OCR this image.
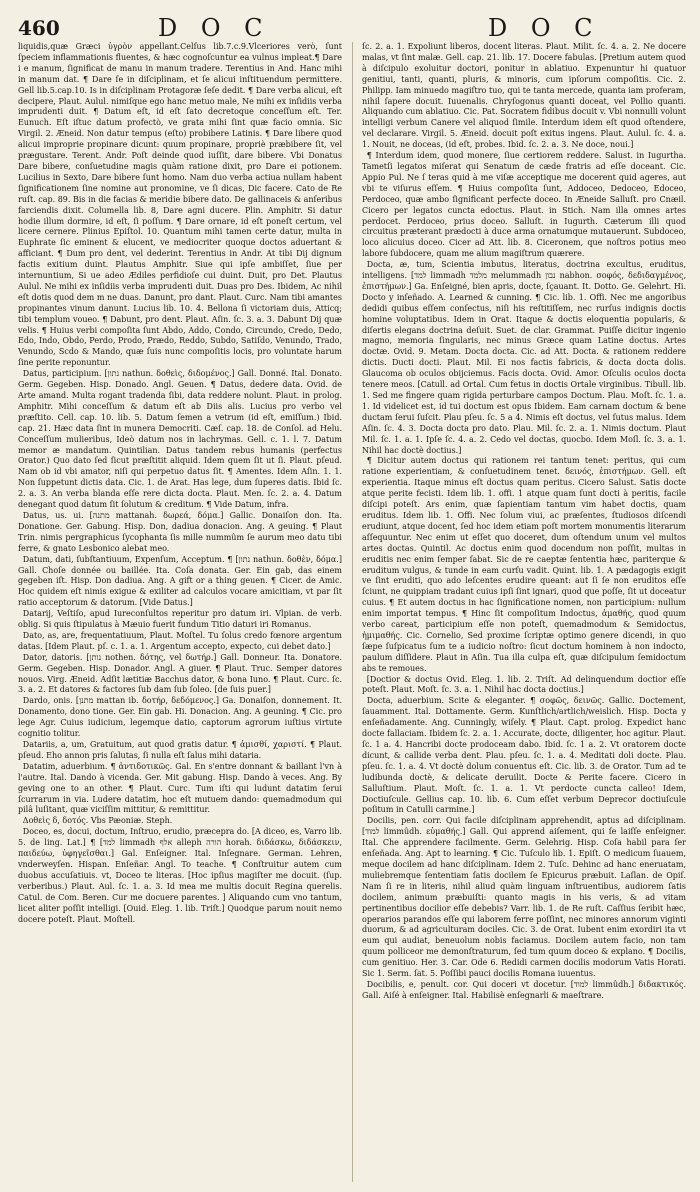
460	D O C	D O C

liquidis,quæ Græci ὑγρὸν appellant.Celſus lib.7.c.9.Vlceriores verò, ſunt ſpeciem inflammationis fluentes, & hæc cognoſcuntur ea vulnus impleat.¶ Dare i e manum, ſignificat de manu in manum tradere. Terentius in And. Hanc mihi in manum dat. ¶ Dare ſe in diſciplinam, et ſe alicui inſtituendum permittere. Gell lib.5.cap.10. Is in diſciplinam Protagoræ ſeſe dedit. ¶ Dare verba alicui, eſt decipere, Plaut. Aulul. nimiſque ego hanc metuo male, Ne mihi ex inſidiis verba imprudenti duit. ¶ Datum eſt, id eſt ſato decretoque conceſſum eſt. Ter. Eunuch. Eſt iſtuc datum profectò, ve grata mihi ſint quæ facio omnia. Sic Virgil. 2. Æneid. Non datur tempus (eſto) probibere Latinis. ¶ Dare libere quod alicui improprie propinare dicunt: quum propinare, propriè præbibere ſit, vel prægustare. Terent. Andr. Poſt deinde quod iuſſit, dare bibere. Vbi Donatus Dare bibere, conſuetudine magis quàm ratione dixit, pro Dare ei potionem. Lucilius in Sexto, Dare bibere ſunt homo. Nam duo verba actiua nullam habent ſignificationem ſine nomine aut pronomine, ve ſi dicas, Dic facere. Cato de Re ruſt. cap. 89. Bis in die facias & meridie bibere dato. De gallinaceis & anſeribus farciendis dixit. Columella lib. 8, Dare agni ducere. Plin. Amphitr. Si datur hodie illum dormire, id eſt, ſi poſſum. ¶ Dare ornare, id eſt poneſt certum, vel licere cernere. Plinius Epiſtol. 10. Quantum mihi tamen certe datur, multa in Euphrate ſic eminent & elucent, ve mediocriter quoque doctos aduertant & afficiant. ¶ Dum pro dent, vel dederint. Terentius in Andr. At tibi Dij dignum factis exitium duint. Plautus Amphitr. Siue qui ipſe ambiſſet, ſiue per internuntium, Si ue adeo Ædiles perfidioſe cui duint. Duit, pro Det. Plautus Aulul. Ne mihi ex inſidiis verba imprudenti duit. Duas pro Des. Ibidem, Ac nihil eſt dotis quod dem m ne duas. Danunt, pro dant. Plaut. Curc. Nam tibi amantes propinantes vinum danunt. Lucius lib. 10. 4. Bellona ſi victoriam duis, Atticq; tibi templum voueo. ¶ Dabunt, pro dent. Plaut. Aſin. ſc. 3. a. 3. Dabunt Dij quæ velis. ¶ Huius verbi compoſita ſunt Abdo, Addo, Condo, Circundo, Credo, Dedo, Edo, Indo, Obdo, Perdo, Prodo, Prædo, Reddo, Subdo, Satiſdo, Venundo, Trado, Venundo, Scdo & Mando, quæ ſuis nunc compoſitis locis, pro voluntate harum ſine perite reponuntur.

Datus, participium. [נתון nathun. δοθεὶς, διδομένος.] Gall. Donné. Ital. Donato. Germ. Gegeben. Hisp. Donado. Angl. Geuen. ¶ Datus, dedere data. Ovid. de Arte amand. Multa rogant tradenda ſibi, data reddere nolunt. Plaut. in prolog. Amphitr. Mihi conceſſum & datum eſt ab Diis alis. Lucius pro verbo vel præſtito. Cell. cap. 10. lib. 5. Datum ſemen a vetrum (id eſt, emiſſum.) Ibid. cap. 21. Hæc data ſint in munera Democriti. Cæſ. cap. 18. de Conſol. ad Helu. Conceſſum mulieribus, Ideò datum nos in lachrymas. Gell. c. 1. l. 7. Datum memor æ mandatum. Quintilian. Datus tandem rebus humanis (perfectus Orator.) Quo dato ſed ſicut præſtitit aliquid. Idem quem ſit ut ſi. Plaut. pſeud. Nam ob id vbi amator, niſi qui perpetuo datus ſit. ¶ Amentes. Idem Aſin. 1. 1. Non ſuppetunt dictis data. Cic. 1. de Arat. Has lege, dum ſuperes datis. Ibid ſc. 2. a. 3. An verba blanda eſſe rere dicta docta. Plaut. Men. ſc. 2. a. 4. Datum denegant quod datum ſit ſolutum & creditum. ¶ Vide Datum, infra.

Datus, us. ui. [מתנה mattanah. δωρεά, δόμα.] Gallic. Donaiſon don. Ita. Donatione. Ger. Gabung. Hisp. Don, dadiua donacion. Ang. A geuing. ¶ Plaut Trin. nimis pergraphicus ſycophanta ſis mille nummûm ſe aurum meo datu tibi ferre, & gnato Lesbonico alebat meo.

Datum, dati, ſubſtantiuum, Expenſum, Acceptum. ¶ [נתון nathun. δοθὲν, δόμα.] Gall. Choſe donnée ou baillée. Ita. Coſa donata. Ger. Ein gab, das einem gegeben iſt. Hisp. Don dadiua. Ang. A gift or a thing geuen. ¶ Cicer. de Amic. Hoc quidem eſt nimis exigue & exiliter ad calculos vocare amicitiam, vt par ſit ratio acceptorum & datorum. [Vide Datus.]

Datarij, Veſtiſo, apud Iureconſultos reperitur pro datum iri. Vlpian. de verb. oblig. Si quis ſtipulatus à Mæuio fuerit fundum Titio daturi iri Romanus.

Dato, as, are, frequentatiuum, Plaut. Moſtel. Tu ſolus credo fœnore argentum datas. [Idem Plaut. pſ. c. 1. a. 1. Argentum accepto, expecto, cui debet dato.]

Dator, datoris. [נותן nothen. δότης, vel δωτήρ.] Gall. Donneur. Ita. Donatore. Germ. Gegeben. Hisp. Donador. Angl. A giuer. ¶ Plaut. Truc. Semper datores nouos. Virg. Æneid. Adſit lætitiæ Bacchus dator, & bona Iuno. ¶ Plaut. Curc. ſc. 3. a. 2. Et datores & factores ſub dam ſub ſoleo. [de ſuis puer.]

Dardo, onis. [מתנן mattan ib. δοτήρ, δεδόμενος.] Ga. Donaiſon, donnement. It. Donamento, dono tione. Ger. Ein gab. Hi. Donacion. Ang. A geuning. ¶ Cic. pro lege Agr. Cuius iudicium, legemque datio, captorum agrorum iuſtius virtute cognitio tolitur.

Datariis, a, um, Gratuitum, aut quod gratis datur. ¶ ἀμισθί, χαριστί. ¶ Plaut. pſeud. Eho annon pris ſalutas, ſi nulla eſt ſalus mihi dataria.

Datatim, aduerbium. ¶ ἀντιδοτικῶς. Gal. En s'entre donnant & baillant l'vn à l'autre. Ital. Dando à vicenda. Ger. Mit gabung. Hisp. Dando à veces. Ang. By geving one to an other. ¶ Plaut. Curc. Tum iſti qui ludunt datatim ſerui ſcurrarum in via. Ludere datatim, hoc eſt mutuem dando: quemadmodum qui pilâ luſitant, quæ viciſſim mittitur, & remittitur.

Δοθεὶς δ, δοτός. Vbs Pæoniæ. Steph.

Doceo, es, docui, doctum, Inſtruo, erudio, præcepra do. [A diceo, es, Varro lib. 5. de ling. Lat.] ¶ [למד limmadh אלף alleph הורה horah. διδάσκω, διδάσκειν, παιδεύω, ὑφηγεῖσθαι.] Gal. Enſeigner. Ital. Inſegnare. German. Lehren, vnderweyſen. Hispan. Enſeñar. Angl. To teache. ¶ Conſtruitur autem cum duobus accuſatiuis. vt, Doceo te literas. [Hoc ipſius magiſter me docuit. (ſup. verberibus.) Plaut. Aul. ſc. 1. a. 3. Id mea me multis docuit Regina querelis. Catul. de Com. Beren. Cur me docuere parentes. ] Aliquando cum vno tantum, licet aliter poſſit intelligi. [Ouid. Eleg. 1. lib. Triſt.] Quodque parum nouit nemo docere poteſt. Plaut. Moſtell.

ſc. 2. a. 1. Expoliunt liberos, docent literas. Plaut. Milit. ſc. 4. a. 2. Ne docere malas, vt ſint malæ. Gell. cap. 21. lib. 17. Docere fabulas. [Pretium autem quod à diſcipulo exoluitur doctori, ponitur in ablatiuo. Expenuntur hi quatuor genitiui, tanti, quanti, pluris, & minoris, cum ipſorum compoſitis. Cic. 2. Philipp. Iam minuedo magiſtro tuo, qui te tanta mercede, quanta iam proferam, nihil ſapere docuit. Iuuenalis. Chryſogonus quanti doceat, vel Pollio quanti. Aliquando cum ablatiuo. Cic. Pat. Socratem fidibus docuit v. Vbi nonnulli volunt intelligi verbum Canere vel aliquod ſimile. Interdum idem eſt quod oſtendere, vel declarare. Virgil. 5. Æneid. docuit poſt exitus ingens. Plaut. Aulul. ſc. 4. a. 1. Nouit, ne doceas, (id eſt, probes. Ibid. ſc. 2. a. 3. Ne doce, noui.]

¶ Interdum idem, quod monere, ſiue certiorem reddere. Salust. in Iugurtha. Tametſi legatos miſerat qui Senatum de cæde fratris ad eſſe doceant. Cic. Appio Pul. Ne ſ teras quid à me viſæ acceptique me docerent quid ageres, aut vbi te viſurus eſſem. ¶ Huius compoſita ſunt, Addoceo, Dedoceo, Edoceo, Perdoceo, quæ ambo ſignificant perfecte doceo. In Æneide Salluſt. pro Cnæil. Cicero per legatos cuncta edoctus. Plaut. in Stich. Nam illa omnes artes perdocet. Perdoceo, prius doceo. Salluſt. in Iugurth. Cæterum illi quod circuitus præterant prædocti à duce arma ornatumque mutauerunt. Subdoceo, loco alicuius doceo. Cicer ad Att. lib. 8. Ciceronem, que noſtros potius meo labore ſubdocere, quam me alium magiſtrum quærere.

Docta, æ, tum, Scientia imbutus, literatus, doctrina excultus, eruditus, intelligens. [למד limmadh מלמד melummadh נבון nabhon. σοφός, δεδιδαγμένος, ἐπιστήμων.] Ga. Enſeigné, bien apris, docte, ſçauant. It. Dotto. Ge. Gelehrt. Hi. Docto y inſeñado. A. Learned & cunning. ¶ Cic. lib. 1. Offi. Nec me angoribus dedidi quibus eſſem conſectus, niſi his reſtitiſſem, nec rurſus indignis doctis homine voluptatibus. Idem in Orat. Itaque & doctis eloquentia popularis, & diſertis elegans doctrina deſuit. Suet. de clar. Grammat. Puiſſe dicitur ingenio magno, memoria ſingularis, nec minus Græce quam Latine doctus. Artes doctæ. Ovid. 9. Metam. Docta docta. Cic. ad Att. Docta. & rationem reddere dictis. Ducti docti. Plaut. Mil. Ei nos factis fabricis, & docta docta dolis. Glaucoma ob oculos obijciemus. Facis docta. Ovid. Amor. Oſculis oculos docta tenere meos. [Catull. ad Ortal. Cum fetus in doctis Ortale virginibus. Tibull. lib. 1. Sed me fingere quam rigida perturbare campos Doctum. Plau. Moſt. ſc. 1. a. 1. Id videlicet est, id tui doctum est opus Ibidem. Eam carnam doctum & bene ductam ſerui ſuſcit. Plau pſeu. ſc. 5 a 4. Nimis eſt doctus, vel ſutus malus. Idem Aſin. ſc. 4. 3. Docta docta pro dato. Plau. Mil. ſc. 2. a. 1. Nimis doctum. Plaut Mil. ſc. 1. a. 1. Ipſe ſc. 4. a. 2. Cedo vel doctas, quocbo. Idem Moſl. ſc. 3. a. 1. Nihil hac doctè doctius.]

¶ Dicitur autem doctus qui rationem rei tantum tenet: peritus, qui cum ratione experientiam, & conſuetudinem tenet. δεινός, ἐπιστήμων. Gell. eſt experientia. Itaque minus eſt doctus quam peritus. Cicero Salust. Satis docte atque perite fecisti. Idem lib. 1. offi. 1 atque quam ſunt docti à peritis, facile diſcipi poteſt. Ars enim, quæ ſapientiam tantum vim habet doctis, quam eruditus. Idem lib. 1. Offi. Nec ſolum viui, ac præſentes, ſtudiosos diſcendi erudiunt, atque docent, ſed hoc idem etiam poſt mortem monumentis literarum aſſequuntur. Nec enim ut eſſet quo doceret, dum oſtendum unum vel multos artes doctas. Quintil. Ac doctus enim quod docendum non poſſit, multas in eruditis nec enim ſemper ſabat. Sic de re caeptæ ſententia hæc, pariterque & eruditum vulgus, & tunde in eam curſu vadit. Quint. lib. 1. A pædagogis exigit ve ſint eruditi, quo ado leſcentes erudire queant: aut ſi ſe non eruditos eſſe ſciunt, ne quippiam tradant cuius ipſi ſint ignari, quod que poſſe, ſit ut doceatur cuius. ¶ Et autem doctus in hac ſignificatione nomen, non participium: nullum enim importat tempus. ¶ Hinc ſit compoſitum Indoctus, ἀμαθής, quod quum verbo careat, participium eſſe non poteſt, quemadmodum & Semidoctus, ἡμιμαθής. Cic. Cornelio, Sed proxime ſcriptæ optimo genere dicendi, in quo ſæpe ſuſpicatus ſum te a iudicio noſtro: ſicut doctum hominem à non indocto, paulum diſſidere. Plaut in Aſin. Tua illa culpa eſt, quæ diſcipulum ſemidoctum abs te remoues.

[Doctior & doctus Ovid. Eleg. 1. lib. 2. Triſt. Ad delinquendum doctior eſſe poteſt. Plaut. Moſt. ſc. 3. a. 1. Nihil hac docta doctius.]

Docta, aduerbium. Scite & eleganter. ¶ σοφῶς, δεινῶς. Gallic. Doctement, ſauamment. Ital. Dottamente. Germ. Kunſtlich/artlich/weislich. Hisp. Docta y enſeñadamente. Ang. Cunningly, wiſely. ¶ Plaut. Capt. prolog. Expedict hanc docte fallaciam. Ibidem ſc. 2. a. 1. Accurate, docte, diligenter, hoc agitur. Plaut. ſc. 1 a. 4. Hancribi docte prodoceam dabo. Ibid. ſc. 1 a. 2. Vt oratorem docte dicunt, & callide verba dent. Plau. pſeu. ſc. 1. a. 4. Meditati doli docte. Plau. pſeu. ſc. 1. a. 4. Vt doctè dolum conuentus eſt. Cic. lib. 3. de Orator. Tum ad te ludibunda doctè, & delicate deruilit. Docte & Perite facere. Cicero in Salluſtium. Plaut. Moſt. ſc. 1. a. 1. Vt perdocte cuncta calleo! Idem, Doctiuſcule. Gellius cap. 10. lib. 6. Cum eſſet verbum Deprecor doctiuſcule poſitum in Catulli carmine.]

Docilis, pen. corr. Qui facile diſciplinam apprehendit, aptus ad diſciplinam. [למוד limmûdh. εὐμαθής.] Gall. Qui apprend aiſement, qui ſe laiſſe enſeigner. Ital. Che apprendere facilmente. Germ. Gelehrig. Hisp. Coſa habil para ſer enſeñada. Ang. Apt to learning. ¶ Cic. Tuſculo lib. 1. Epiſt. O medicum ſuauem, meque docilem ad hanc diſciplinam. Idem 2. Tuſc. Dehinc ad hanc eneruatam, muliebremque ſententiam ſatis docilem ſe Epicurus præbuit. Laſlan. de Opiſ. Nam ſi re in literis, nihil aliud quàm linguam inſtruentibus, audiorem ſatis docilem, animum præbuiſti: quanto magis in his veris, & ad vitam pertinentibus docilior eſſe debebis? Varr. lib. 1. de Re ruſt. Caſſius ſeribit hæc, operarios parandos eſſe qui laborem ferre poſſint, nec minores annorum viginti duorum, & ad agriculturam dociles. Cic. 3. de Orat. Iubent enim exordiri ita vt eum qui audiat, beneuolum nobis faciamus. Docilem autem facio, non tam quum polliceor me demonſtraturum, ſed tum quum doceo & explano. ¶ Docilis, cum genitiuo. Her. 3. Car. Ode 6. Redidi carmen docilis modorum Vatis Horati. Sic 1. Serm. ſat. 5. Poſſibi pauci docilis Romana iuuentus.

Docibilis, e, penult. cor. Qui doceri vt docetur. [למוד limmûdh.] διδακτικός. Gall. Aiſé à enſeigner. Ital. Habilisè enſegnarli & maeſtrare.
